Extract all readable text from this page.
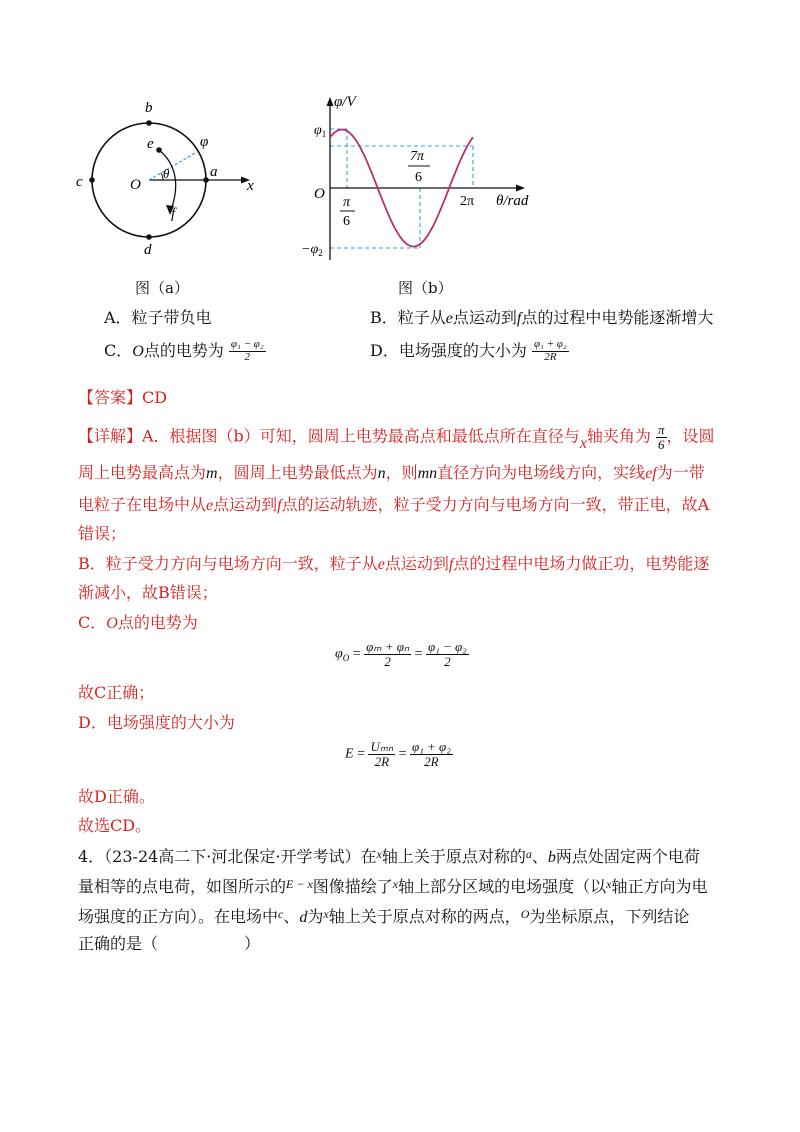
b
e	φ
c	O
θ	a
x
f
d
图（a）
φ/V
$\varphi_1$
$-\varphi_2$
O
π
6
7π
6
2π θ/rad
图（b）
A．粒子带负电	B．粒子从e点运动到f点的过程中电势能逐渐增大
C．O点的电势为 $\frac{\text{φ₁ − φ₂}}{2}$	D．电场强度的大小为 $\frac{\text{φ₁ + φ₂}}{2R}$
【答案】CD
【详解】A．根据图（b）可知，圆周上电势最高点和最低点所在直径与x轴夹角为 $\frac{\pi}{6}$ ，设圆
周上电势最高点为m，圆周上电势最低点为n，则mn直径方向为电场线方向，实线ef为一带
电粒子在电场中从e点运动到f点的运动轨迹，粒子受力方向与电场方向一致，带正电，故A
错误；
B．粒子受力方向与电场方向一致，粒子从e点运动到f点的过程中电场力做正功，电势能逐
渐减小，故B错误；
C．O点的电势为
$\varphi_O = \frac{\text{φₘ + φₙ}}{2} = \frac{\text{φ₁ − φ₂}}{2}$
故C正确；
D．电场强度的大小为
$E = \frac{\text{Uₘₙ}}{2R} = \frac{\text{φ₁ + φ₂}}{2R}$
故D正确。
故选CD。
4．（23-24高二下·河北保定·开学考试）在$^x$轴上关于原点对称的$^a$、b两点处固定两个电荷
量相等的点电荷，如图所示的$^{E - x}$图像描绘了$^x$轴上部分区域的电场强度（以$^x$轴正方向为电
场强度的正方向）。在电场中$^c$、d为$^x$轴上关于原点对称的两点，$^O$为坐标原点，下列结论
正确的是（	）
